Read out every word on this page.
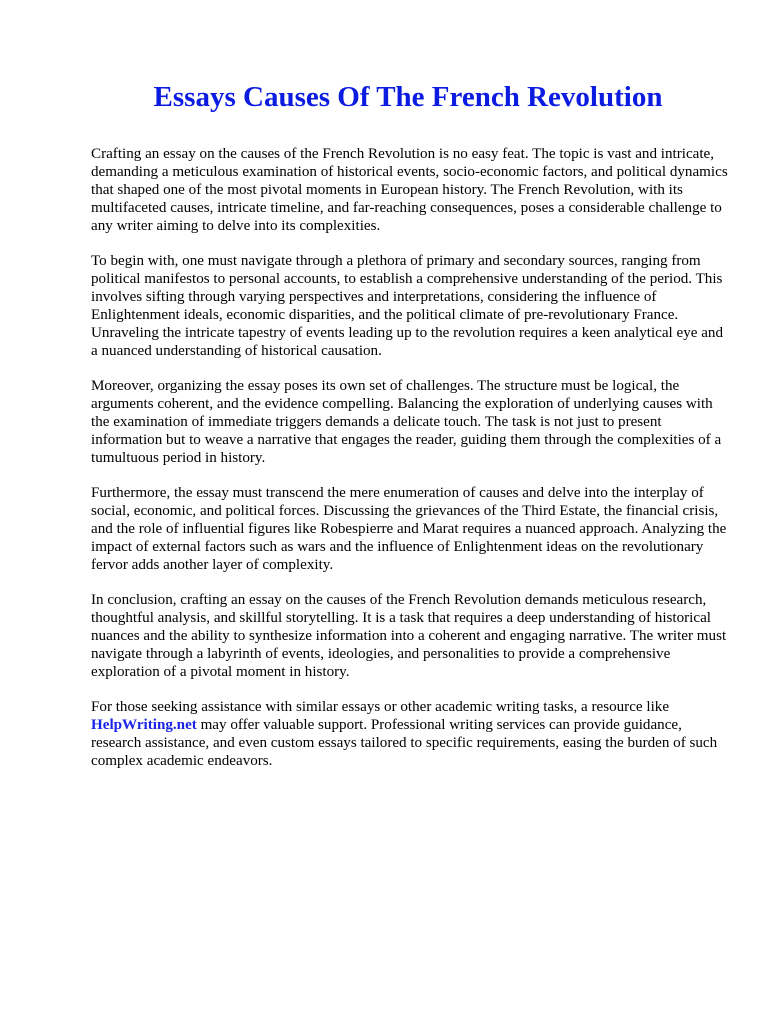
Essays Causes Of The French Revolution

Crafting an essay on the causes of the French Revolution is no easy feat. The topic is vast and intricate, demanding a meticulous examination of historical events, socio-economic factors, and political dynamics that shaped one of the most pivotal moments in European history. The French Revolution, with its multifaceted causes, intricate timeline, and far-reaching consequences, poses a considerable challenge to any writer aiming to delve into its complexities.

To begin with, one must navigate through a plethora of primary and secondary sources, ranging from political manifestos to personal accounts, to establish a comprehensive understanding of the period. This involves sifting through varying perspectives and interpretations, considering the influence of Enlightenment ideals, economic disparities, and the political climate of pre-revolutionary France. Unraveling the intricate tapestry of events leading up to the revolution requires a keen analytical eye and a nuanced understanding of historical causation.

Moreover, organizing the essay poses its own set of challenges. The structure must be logical, the arguments coherent, and the evidence compelling. Balancing the exploration of underlying causes with the examination of immediate triggers demands a delicate touch. The task is not just to present information but to weave a narrative that engages the reader, guiding them through the complexities of a tumultuous period in history.

Furthermore, the essay must transcend the mere enumeration of causes and delve into the interplay of social, economic, and political forces. Discussing the grievances of the Third Estate, the financial crisis, and the role of influential figures like Robespierre and Marat requires a nuanced approach. Analyzing the impact of external factors such as wars and the influence of Enlightenment ideas on the revolutionary fervor adds another layer of complexity.

In conclusion, crafting an essay on the causes of the French Revolution demands meticulous research, thoughtful analysis, and skillful storytelling. It is a task that requires a deep understanding of historical nuances and the ability to synthesize information into a coherent and engaging narrative. The writer must navigate through a labyrinth of events, ideologies, and personalities to provide a comprehensive exploration of a pivotal moment in history.

For those seeking assistance with similar essays or other academic writing tasks, a resource like
HelpWriting.net may offer valuable support. Professional writing services can provide guidance, research assistance, and even custom essays tailored to specific requirements, easing the burden of such complex academic endeavors.
